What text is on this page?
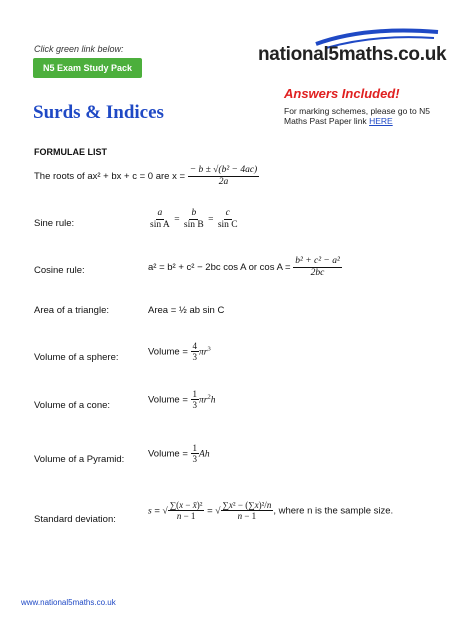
Click green link below:
N5 Exam Study Pack
national5maths.co.uk
Surds & Indices
Answers Included!
For marking schemes, please go to N5 Maths Past Paper link HERE
FORMULAE LIST
The roots of ax² + bx + c = 0 are $x = \frac{\text{− b ± √(b² − 4ac)}}{2a}$
Sine rule:	$\frac{a}{\text{sin A}} = \frac{b}{\text{sin B}} = \frac{c}{\text{sin C}}$
Cosine rule:	a² = b² + c² − 2bc cos A or $\cos A = \frac{\text{b² + c² − a²}}{2bc}$
Area of a triangle:	Area = ½ ab sin C
Volume of a sphere:
Volume = $\frac{4}{3} \pi r^3$
Volume of a cone:
Volume = $\frac{1}{3} \pi r^2h$
Volume of a Pyramid:
Volume = $\frac{1}{3}$ Ah
Standard deviation:
s = √ $\frac{\text{∑(x − x̄)²}}{n - 1}$ = √ $\frac{\text{∑x² − (∑x)²/n}}{n - 1}$ , where n is the sample size.
www.national5maths.co.uk
